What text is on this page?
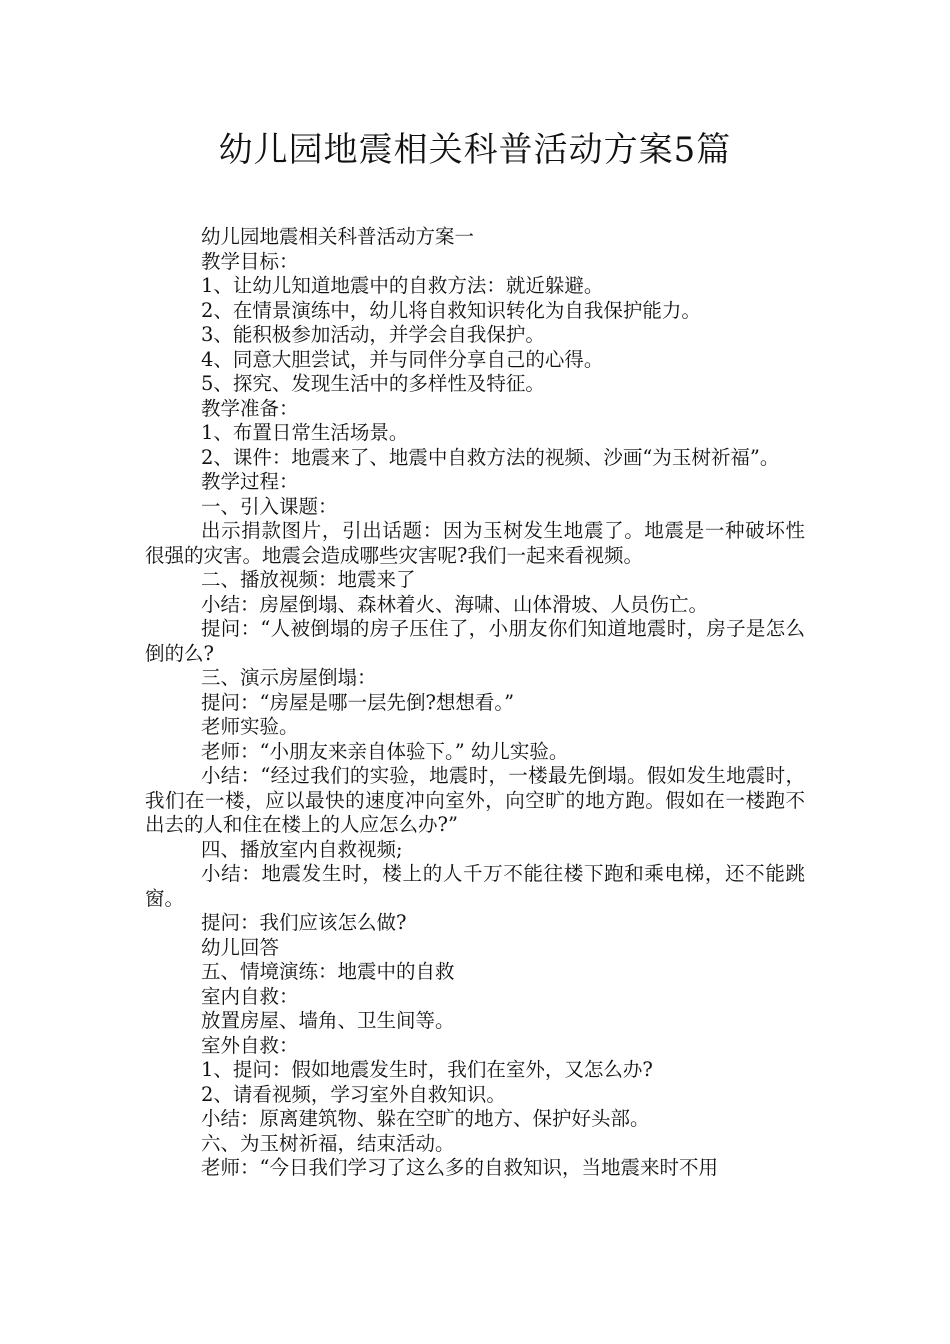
幼儿园地震相关科普活动方案5篇

幼儿园地震相关科普活动方案一

教学目标：

1、让幼儿知道地震中的自救方法：就近躲避。

2、在情景演练中，幼儿将自救知识转化为自我保护能力。

3、能积极参加活动，并学会自我保护。

4、同意大胆尝试，并与同伴分享自己的心得。

5、探究、发现生活中的多样性及特征。

教学准备：

1、布置日常生活场景。

2、课件：地震来了、地震中自救方法的视频、沙画“为玉树祈福”。

教学过程：

一、引入课题：

出示捐款图片，引出话题：因为玉树发生地震了。地震是一种破坏性很强的灾害。地震会造成哪些灾害呢?我们一起来看视频。

二、播放视频：地震来了

小结：房屋倒塌、森林着火、海啸、山体滑坡、人员伤亡。

提问：“人被倒塌的房子压住了，小朋友你们知道地震时，房子是怎么倒的么?

三、演示房屋倒塌：

提问：“房屋是哪一层先倒?想想看。”

老师实验。

老师：“小朋友来亲自体验下。” 幼儿实验。

小结：“经过我们的实验，地震时，一楼最先倒塌。假如发生地震时，我们在一楼，应以最快的速度冲向室外，向空旷的地方跑。假如在一楼跑不出去的人和住在楼上的人应怎么办?”

四、播放室内自救视频;

小结：地震发生时，楼上的人千万不能往楼下跑和乘电梯，还不能跳窗。

提问：我们应该怎么做?

幼儿回答

五、情境演练：地震中的自救

室内自救：

放置房屋、墙角、卫生间等。

室外自救：

1、提问：假如地震发生时，我们在室外，又怎么办?

2、请看视频，学习室外自救知识。

小结：原离建筑物、躲在空旷的地方、保护好头部。

六、为玉树祈福，结束活动。

老师：“今日我们学习了这么多的自救知识，当地震来时不用
